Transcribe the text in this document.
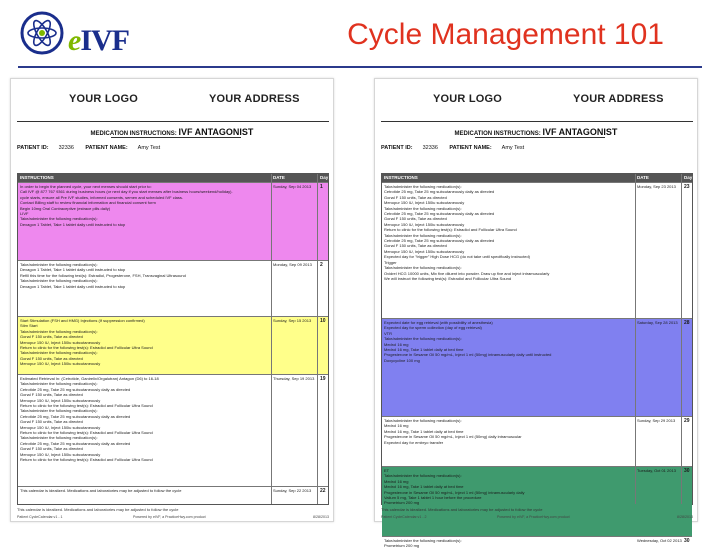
eIVF	Cycle Management 101
YOUR LOGO	YOUR ADDRESS
MEDICATION INSTRUCTIONS: IVF ANTAGONIST
PATIENT ID: 32336 PATIENT NAME: Amy Test
INSTRUCTIONS	DATE	Day
In order to begin the planned cycle, your next menses should start prior to:
Call IVF @ 877 767 9361 during business hours (or next day if you start menses after business hours/weekend/holiday).
cycle starts, ensure all Pre IVF studies, informed consents, semen and scheduled IVF class.
Contact Billing staff to review financial information and financial consent form
Begin 10mg Oral Contraceptive (estrace pills daily)
LIVF
Take/administer the following medication(s):
Dexagon 1 Tablet, Take 1 tablet daily until instructed to stop
Sunday, Sep 04 2013 1
Take/administer the following medication(s):
Dexagon 1 Tablet, Take 1 tablet daily until instructed to stop
Refill this time for the following test(s): Estradiol, Progesterone, FSH, Transvaginal Ultrasound
Take/administer the following medication(s):
Dexagon 1 Tablet, Take 1 tablet daily until instructed to stop
Monday, Sep 09 2013 2
Start Stimulation (FSH and HMG) Injections (If suppression confirmed)
Stim Start
Take/administer the following medication(s):
Gonal F 150 units, Take as directed
Menopur 150 IU, Inject 150iu subcutaneously
Return to clinic for the following test(s): Estradiol and Follicular Ultra Sound
Take/administer the following medication(s):
Gonal F 150 units, Take as directed
Menopur 150 IU, Inject 150iu subcutaneously
Sunday, Sep 15 2013 10
Estimated Retrieval In: (Cetrotide, Ganirelix/Orgalutran) Antagon (D6) to 16-18
Take/administer the following medication(s):
Cetrotide 25 mg, Take 25 mg subcutaneously daily as directed
Gonal F 150 units, Take as directed
Menopur 150 IU, Inject 150iu subcutaneously
Return to clinic for the following test(s): Estradiol and Follicular Ultra Sound
Take/administer the following medication(s):
Cetrotide 25 mg, Take 25 mg subcutaneously daily as directed
Gonal F 150 units, Take as directed
Menopur 150 IU, Inject 150iu subcutaneously
Return to clinic for the following test(s): Estradiol and Follicular Ultra Sound
Take/administer the following medication(s):
Cetrotide 25 mg, Take 25 mg subcutaneously daily as directed
Gonal F 150 units, Take as directed
Menopur 150 IU, Inject 150iu subcutaneously
Return to clinic for the following test(s): Estradiol and Follicular Ultra Sound
Thursday, Sep 19 2013 19
This calendar is idealized. Medications and laboratories may be adjusted to follow the cycle	Sunday, Sep 22 2013 22
This calendar is idealized. Medications and laboratories may be adjusted to follow the cycle
Patient CycleCalendar.v1 - 1	Powered by eIVF, a PracticeHwy.com product	8/28/2013
YOUR LOGO	YOUR ADDRESS
MEDICATION INSTRUCTIONS: IVF ANTAGONIST
PATIENT ID: 32336 PATIENT NAME: Amy Test
INSTRUCTIONS	DATE	Day
Take/administer the following medication(s):
Cetrotide 25 mg, Take 25 mg subcutaneously daily as directed
Gonal F 150 units, Take as directed
Menopur 150 IU, Inject 150iu subcutaneously
Take/administer the following medication(s):
Cetrotide 25 mg, Take 25 mg subcutaneously daily as directed
Gonal F 150 units, Take as directed
Menopur 150 IU, Inject 150iu subcutaneously
Return to clinic for the following test(s): Estradiol and Follicular Ultra Sound
Take/administer the following medication(s):
Cetrotide 25 mg, Take 25 mg subcutaneously daily as directed
Gonal F 150 units, Take as directed
Menopur 150 IU, Inject 150iu subcutaneously
Expected day for "trigger" High Dose HCG (do not take until specifically instructed)
Trigger
Take/administer the following medication(s):
Ovidrel HCG 10000 units, Mix five diluent into powder. Draw up five and inject intramuscularly
We will instruct the following test(s): Estradiol and Follicular Ultra Sound
Monday, Sep 23 2013 23
Expected date for egg retrieval (with possibility of anesthesia)
Expected day for sperm collection (day of egg retrieval)
VTR
Take/administer the following medication(s):
Medrol 16 mg
Medrol 16 mg, Take 1 tablet daily at bed time
Progesterone in Sesame Oil 50 mg/mL, Inject 1 ml (50mg) intramuscularly daily until instructed
Doxycycline 100 mg
Saturday, Sep 28 2013 28
Take/administer the following medication(s):
Medrol 16 mg
Medrol 16 mg, Take 1 tablet daily at bed time
Progesterone in Sesame Oil 50 mg/mL, Inject 1 ml (50mg) daily intramuscular
Expected day for embryo transfer
Sunday, Sep 29 2013 29
ET
Take/administer the following medication(s):
Medrol 16 mg
Medrol 16 mg, Take 1 tablet daily at bed time
Progesterone in Sesame Oil 50 mg/mL, Inject 1 ml (50mg) intramuscularly daily
Valium 5 mg, Take 1 tablet 1 hour before the procedure
Prometrium 200 mg
Tuesday, Oct 01 2013 30
Take/administer the following medication(s):
Prometrium 200 mg
Wednesday, Oct 02 2013 30
This calendar is idealized. Medications and laboratories may be adjusted to follow the cycle
Patient CycleCalendar.v1 - 2	Powered by eIVF, a PracticeHwy.com product	8/28/2013
